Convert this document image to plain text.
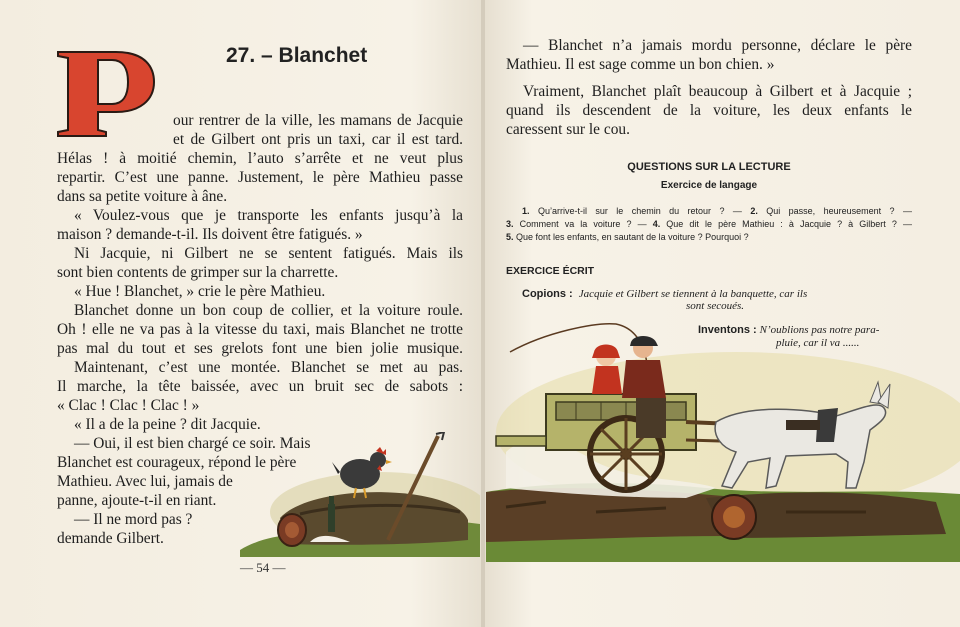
27. – Blanchet
our rentrer de la ville, les mamans de Jacquie
et de Gilbert ont pris un taxi, car il est tard.
Hélas ! à moitié chemin, l’auto s’arrête et ne veut plus
repartir. C’est une panne. Justement, le père Mathieu passe
dans sa petite voiture à âne.
« Voulez-vous que je transporte les enfants jusqu’à la
maison ? demande-t-il. Ils doivent être fatigués. »
Ni Jacquie, ni Gilbert ne se sentent fatigués. Mais ils
sont bien contents de grimper sur la charrette.
« Hue ! Blanchet, » crie le père Mathieu.
Blanchet donne un bon coup de collier, et la voiture roule.
Oh ! elle ne va pas à la vitesse du taxi, mais Blanchet ne trotte
pas mal du tout et ses grelots font une bien jolie musique.
Maintenant, c’est une montée. Blanchet se met au pas.
Il marche, la tête baissée, avec un bruit sec de sabots :
« Clac ! Clac ! Clac ! »
« Il a de la peine ? dit Jacquie.
— Oui, il est bien chargé ce soir. Mais
Blanchet est courageux, répond le père
Mathieu. Avec lui, jamais de
panne, ajoute-t-il en riant.
— Il ne mord pas ?
demande Gilbert.
— 54 —
— Blanchet n’a jamais mordu personne, déclare le père
Mathieu. Il est sage comme un bon chien. »
Vraiment, Blanchet plaît beaucoup à Gilbert et à Jacquie ;
quand ils descendent de la voiture, les deux enfants le
caressent sur le cou.
QUESTIONS SUR LA LECTURE
Exercice de langage
1. Qu’arrive-t-il sur le chemin du retour ? — 2. Qui passe, heureusement ? —
3. Comment va la voiture ? — 4. Que dit le père Mathieu : à Jacquie ? à Gilbert ? —
5. Que font les enfants, en sautant de la voiture ? Pourquoi ?
EXERCICE ÉCRIT
Copions : Jacquie et Gilbert se tiennent à la banquette, car ils
sont secoués.
Inventons : N’oublions pas notre para-
pluie, car il va ......
